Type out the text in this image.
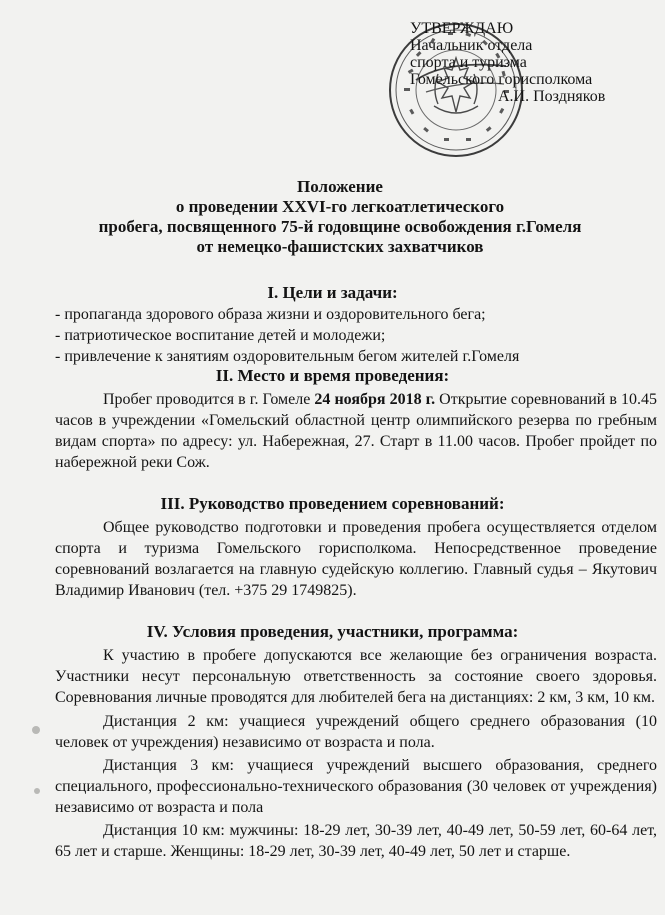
УТВЕРЖДАЮ
Начальник отдела
спорта и туризма
Гомельского горисполкома
А.И. Поздняков
Положение
о проведении XXVI-го легкоатлетического
пробега, посвященного 75-й годовщине освобождения г.Гомеля
от немецко-фашистских захватчиков
I. Цели и задачи:
- пропаганда здорового образа жизни и оздоровительного бега;
- патриотическое воспитание детей и молодежи;
- привлечение к занятиям оздоровительным бегом жителей г.Гомеля
II. Место и время проведения:
Пробег проводится в г. Гомеле 24 ноября 2018 г. Открытие соревнований в 10.45 часов в учреждении «Гомельский областной центр олимпийского резерва по гребным видам спорта» по адресу: ул. Набережная, 27. Старт в 11.00 часов. Пробег пройдет по набережной реки Сож.
III. Руководство проведением соревнований:
Общее руководство подготовки и проведения пробега осуществляется отделом спорта и туризма Гомельского горисполкома. Непосредственное проведение соревнований возлагается на главную судейскую коллегию. Главный судья – Якутович Владимир Иванович (тел. +375 29 1749825).
IV. Условия проведения, участники, программа:
К участию в пробеге допускаются все желающие без ограничения возраста. Участники несут персональную ответственность за состояние своего здоровья. Соревнования личные проводятся для любителей бега на дистанциях: 2 км, 3 км, 10 км.
Дистанция 2 км: учащиеся учреждений общего среднего образования (10 человек от учреждения) независимо от возраста и пола.
Дистанция 3 км: учащиеся учреждений высшего образования, среднего специального, профессионально-технического образования (30 человек от учреждения) независимо от возраста и пола
Дистанция 10 км: мужчины: 18-29 лет, 30-39 лет, 40-49 лет, 50-59 лет, 60-64 лет, 65 лет и старше. Женщины: 18-29 лет, 30-39 лет, 40-49 лет, 50 лет и старше.
